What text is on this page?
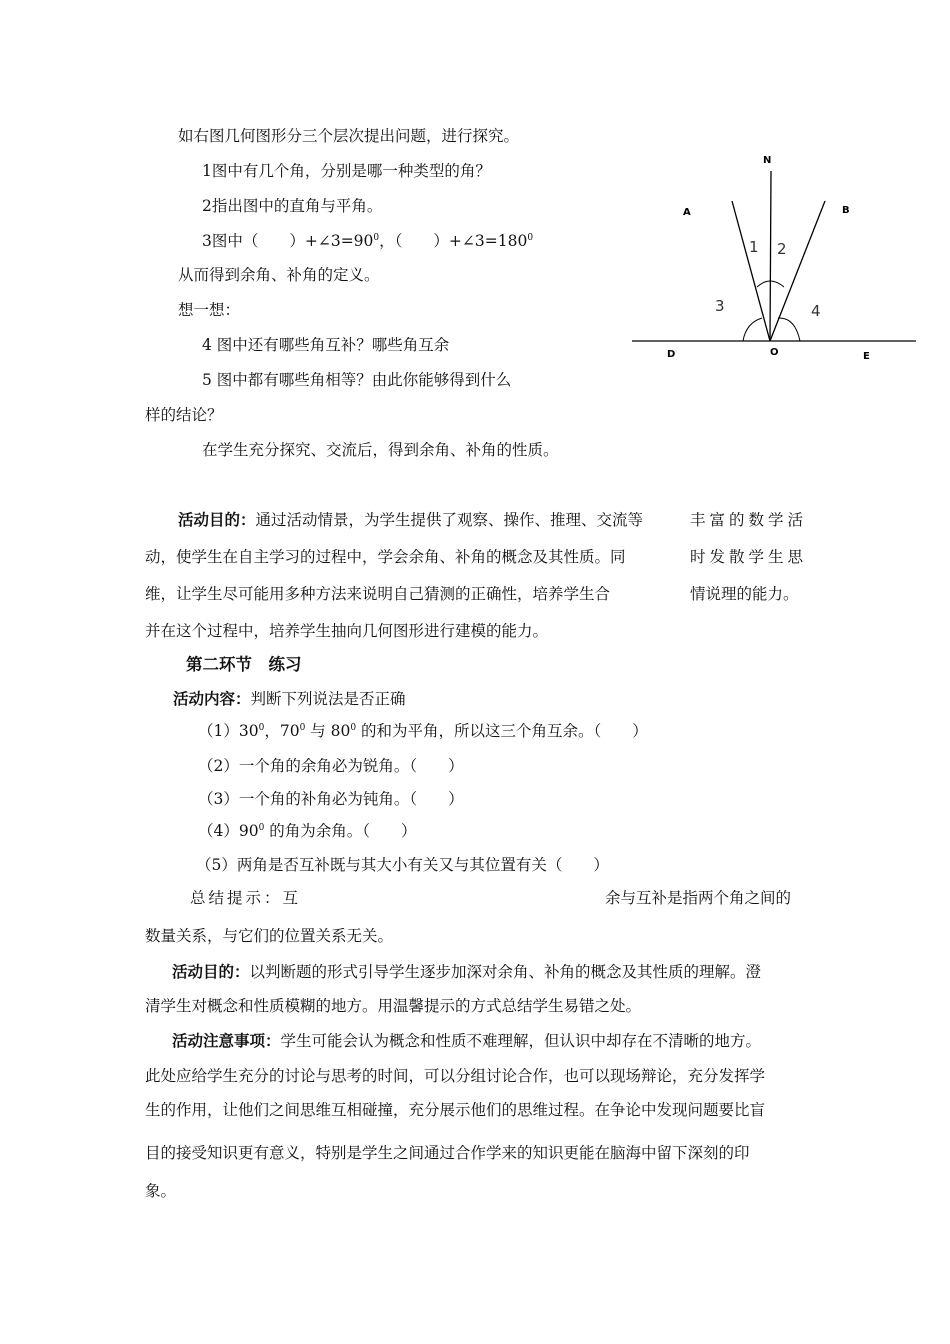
如右图几何图形分三个层次提出问题，进行探究。
1图中有几个角，分别是哪一种类型的角？
2指出图中的直角与平角。
3图中（　　）$+\angle 3=90^0$，（　　）$+\angle 3=180^0$
从而得到余角、补角的定义。
想一想：
4 图中还有哪些角互补？哪些角互余
5 图中都有哪些角相等？由此你能够得到什么
样的结论？
在学生充分探究、交流后，得到余角、补角的性质。
N
A	B
D	O	E
1 2
3	4
活动目的：通过活动情景，为学生提供了观察、操作、推理、交流等	丰富的数学活
动，使学生在自主学习的过程中，学会余角、补角的概念及其性质。同	时发散学生思
维，让学生尽可能用多种方法来说明自己猜测的正确性，培养学生合	情说理的能力。
并在这个过程中，培养学生抽向几何图形进行建模的能力。
第二环节　练习
活动内容：判断下列说法是否正确
$(1)30^0$，$70^0$ 与 $80^0$ 的和为平角，所以这三个角互余。（　　）
（2）一个角的余角必为锐角。（　　）
（3）一个角的补角必为钝角。（　　）
$(4)90^0$ 的角为余角。（　　）
（5）两角是否互补既与其大小有关又与其位置有关（　　）
总结提示：互	余与互补是指两个角之间的
数量关系，与它们的位置关系无关。
活动目的：以判断题的形式引导学生逐步加深对余角、补角的概念及其性质的理解。澄
清学生对概念和性质模糊的地方。用温馨提示的方式总结学生易错之处。
活动注意事项：学生可能会认为概念和性质不难理解，但认识中却存在不清晰的地方。
此处应给学生充分的讨论与思考的时间，可以分组讨论合作，也可以现场辩论，充分发挥学
生的作用，让他们之间思维互相碰撞，充分展示他们的思维过程。在争论中发现问题要比盲
目的接受知识更有意义，特别是学生之间通过合作学来的知识更能在脑海中留下深刻的印
象。
